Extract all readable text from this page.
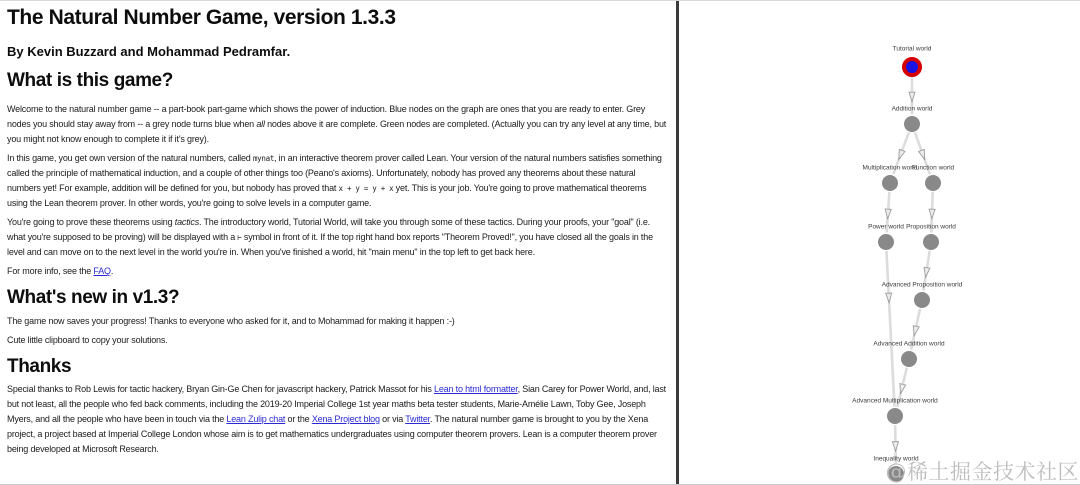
The Natural Number Game, version 1.3.3

By Kevin Buzzard and Mohammad Pedramfar.

What is this game?

Welcome to the natural number game -- a part-book part-game which shows the power of induction. Blue nodes on the graph are ones that you are ready to enter. Grey nodes you should stay away from -- a grey node turns blue when all nodes above it are complete. Green nodes are completed. (Actually you can try any level at any time, but you might not know enough to complete it if it's grey).

In this game, you get own version of the natural numbers, called mynat, in an interactive theorem prover called Lean. Your version of the natural numbers satisfies something called the principle of mathematical induction, and a couple of other things too (Peano's axioms). Unfortunately, nobody has proved any theorems about these natural numbers yet! For example, addition will be defined for you, but nobody has proved that x + y = y + x yet. This is your job. You're going to prove mathematical theorems using the Lean theorem prover. In other words, you're going to solve levels in a computer game.

You're going to prove these theorems using tactics. The introductory world, Tutorial World, will take you through some of these tactics. During your proofs, your "goal" (i.e. what you're supposed to be proving) will be displayed with a ⊢ symbol in front of it. If the top right hand box reports "Theorem Proved!", you have closed all the goals in the level and can move on to the next level in the world you're in. When you've finished a world, hit "main menu" in the top left to get back here.

For more info, see the FAQ.

What's new in v1.3?

The game now saves your progress! Thanks to everyone who asked for it, and to Mohammad for making it happen :-)

Cute little clipboard to copy your solutions.

Thanks

Special thanks to Rob Lewis for tactic hackery, Bryan Gin-Ge Chen for javascript hackery, Patrick Massot for his Lean to html formatter, Sian Carey for Power World, and, last but not least, all the people who fed back comments, including the 2019-20 Imperial College 1st year maths beta tester students, Marie-Amélie Lawn, Toby Gee, Joseph Myers, and all the people who have been in touch via the Lean Zulip chat or the Xena Project blog or via Twitter. The natural number game is brought to you by the Xena project, a project based at Imperial College London whose aim is to get mathematics undergraduates using computer theorem provers. Lean is a computer theorem prover being developed at Microsoft Research.

Tutorial world
Addition world
Multiplication world
Function world
Power world Proposition world
Advanced Proposition world
Advanced Addition world
Advanced Multiplication world
Inequality world
@稀土掘金技术社区
